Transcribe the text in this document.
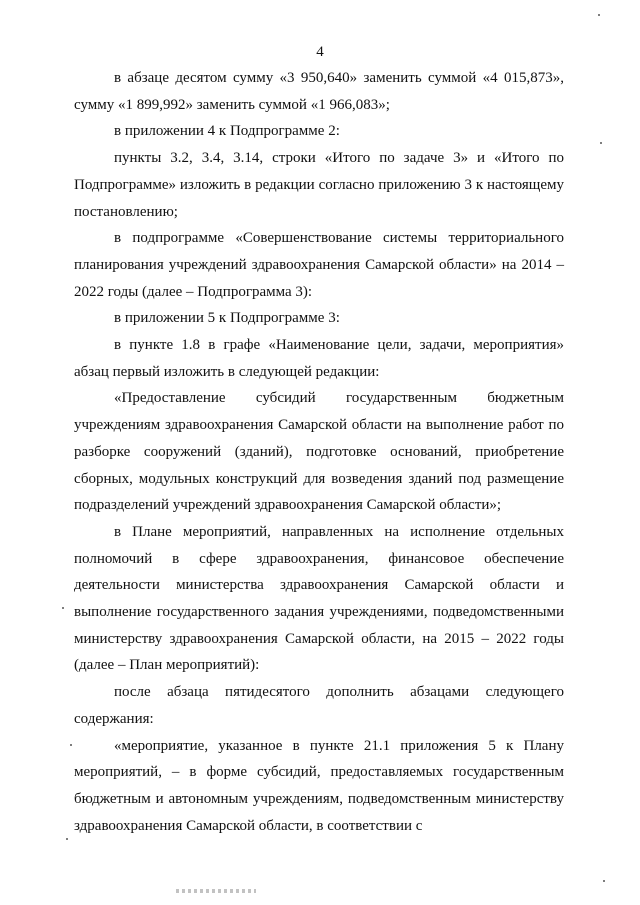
4

в абзаце десятом сумму «3 950,640» заменить суммой «4 015,873», сумму «1 899,992» заменить суммой «1 966,083»;

в приложении 4 к Подпрограмме 2:

пункты 3.2, 3.4, 3.14, строки «Итого по задаче 3» и «Итого по Подпрограмме» изложить в редакции согласно приложению 3 к настоящему постановлению;

в подпрограмме «Совершенствование системы территориального планирования учреждений здравоохранения Самарской области» на 2014 – 2022 годы (далее – Подпрограмма 3):

в приложении 5 к Подпрограмме 3:

в пункте 1.8 в графе «Наименование цели, задачи, мероприятия» абзац первый изложить в следующей редакции:

«Предоставление субсидий государственным бюджетным учреждениям здравоохранения Самарской области на выполнение работ по разборке сооружений (зданий), подготовке оснований, приобретение сборных, модульных конструкций для возведения зданий под размещение подразделений учреждений здравоохранения Самарской области»;

в Плане мероприятий, направленных на исполнение отдельных полномочий в сфере здравоохранения, финансовое обеспечение деятельности министерства здравоохранения Самарской области и выполнение государственного задания учреждениями, подведомственными министерству здравоохранения Самарской области, на 2015 – 2022 годы (далее – План мероприятий):

после абзаца пятидесятого дополнить абзацами следующего содержания:

«мероприятие, указанное в пункте 21.1 приложения 5 к Плану мероприятий, – в форме субсидий, предоставляемых государственным бюджетным и автономным учреждениям, подведомственным министерству здравоохранения Самарской области, в соответствии с
